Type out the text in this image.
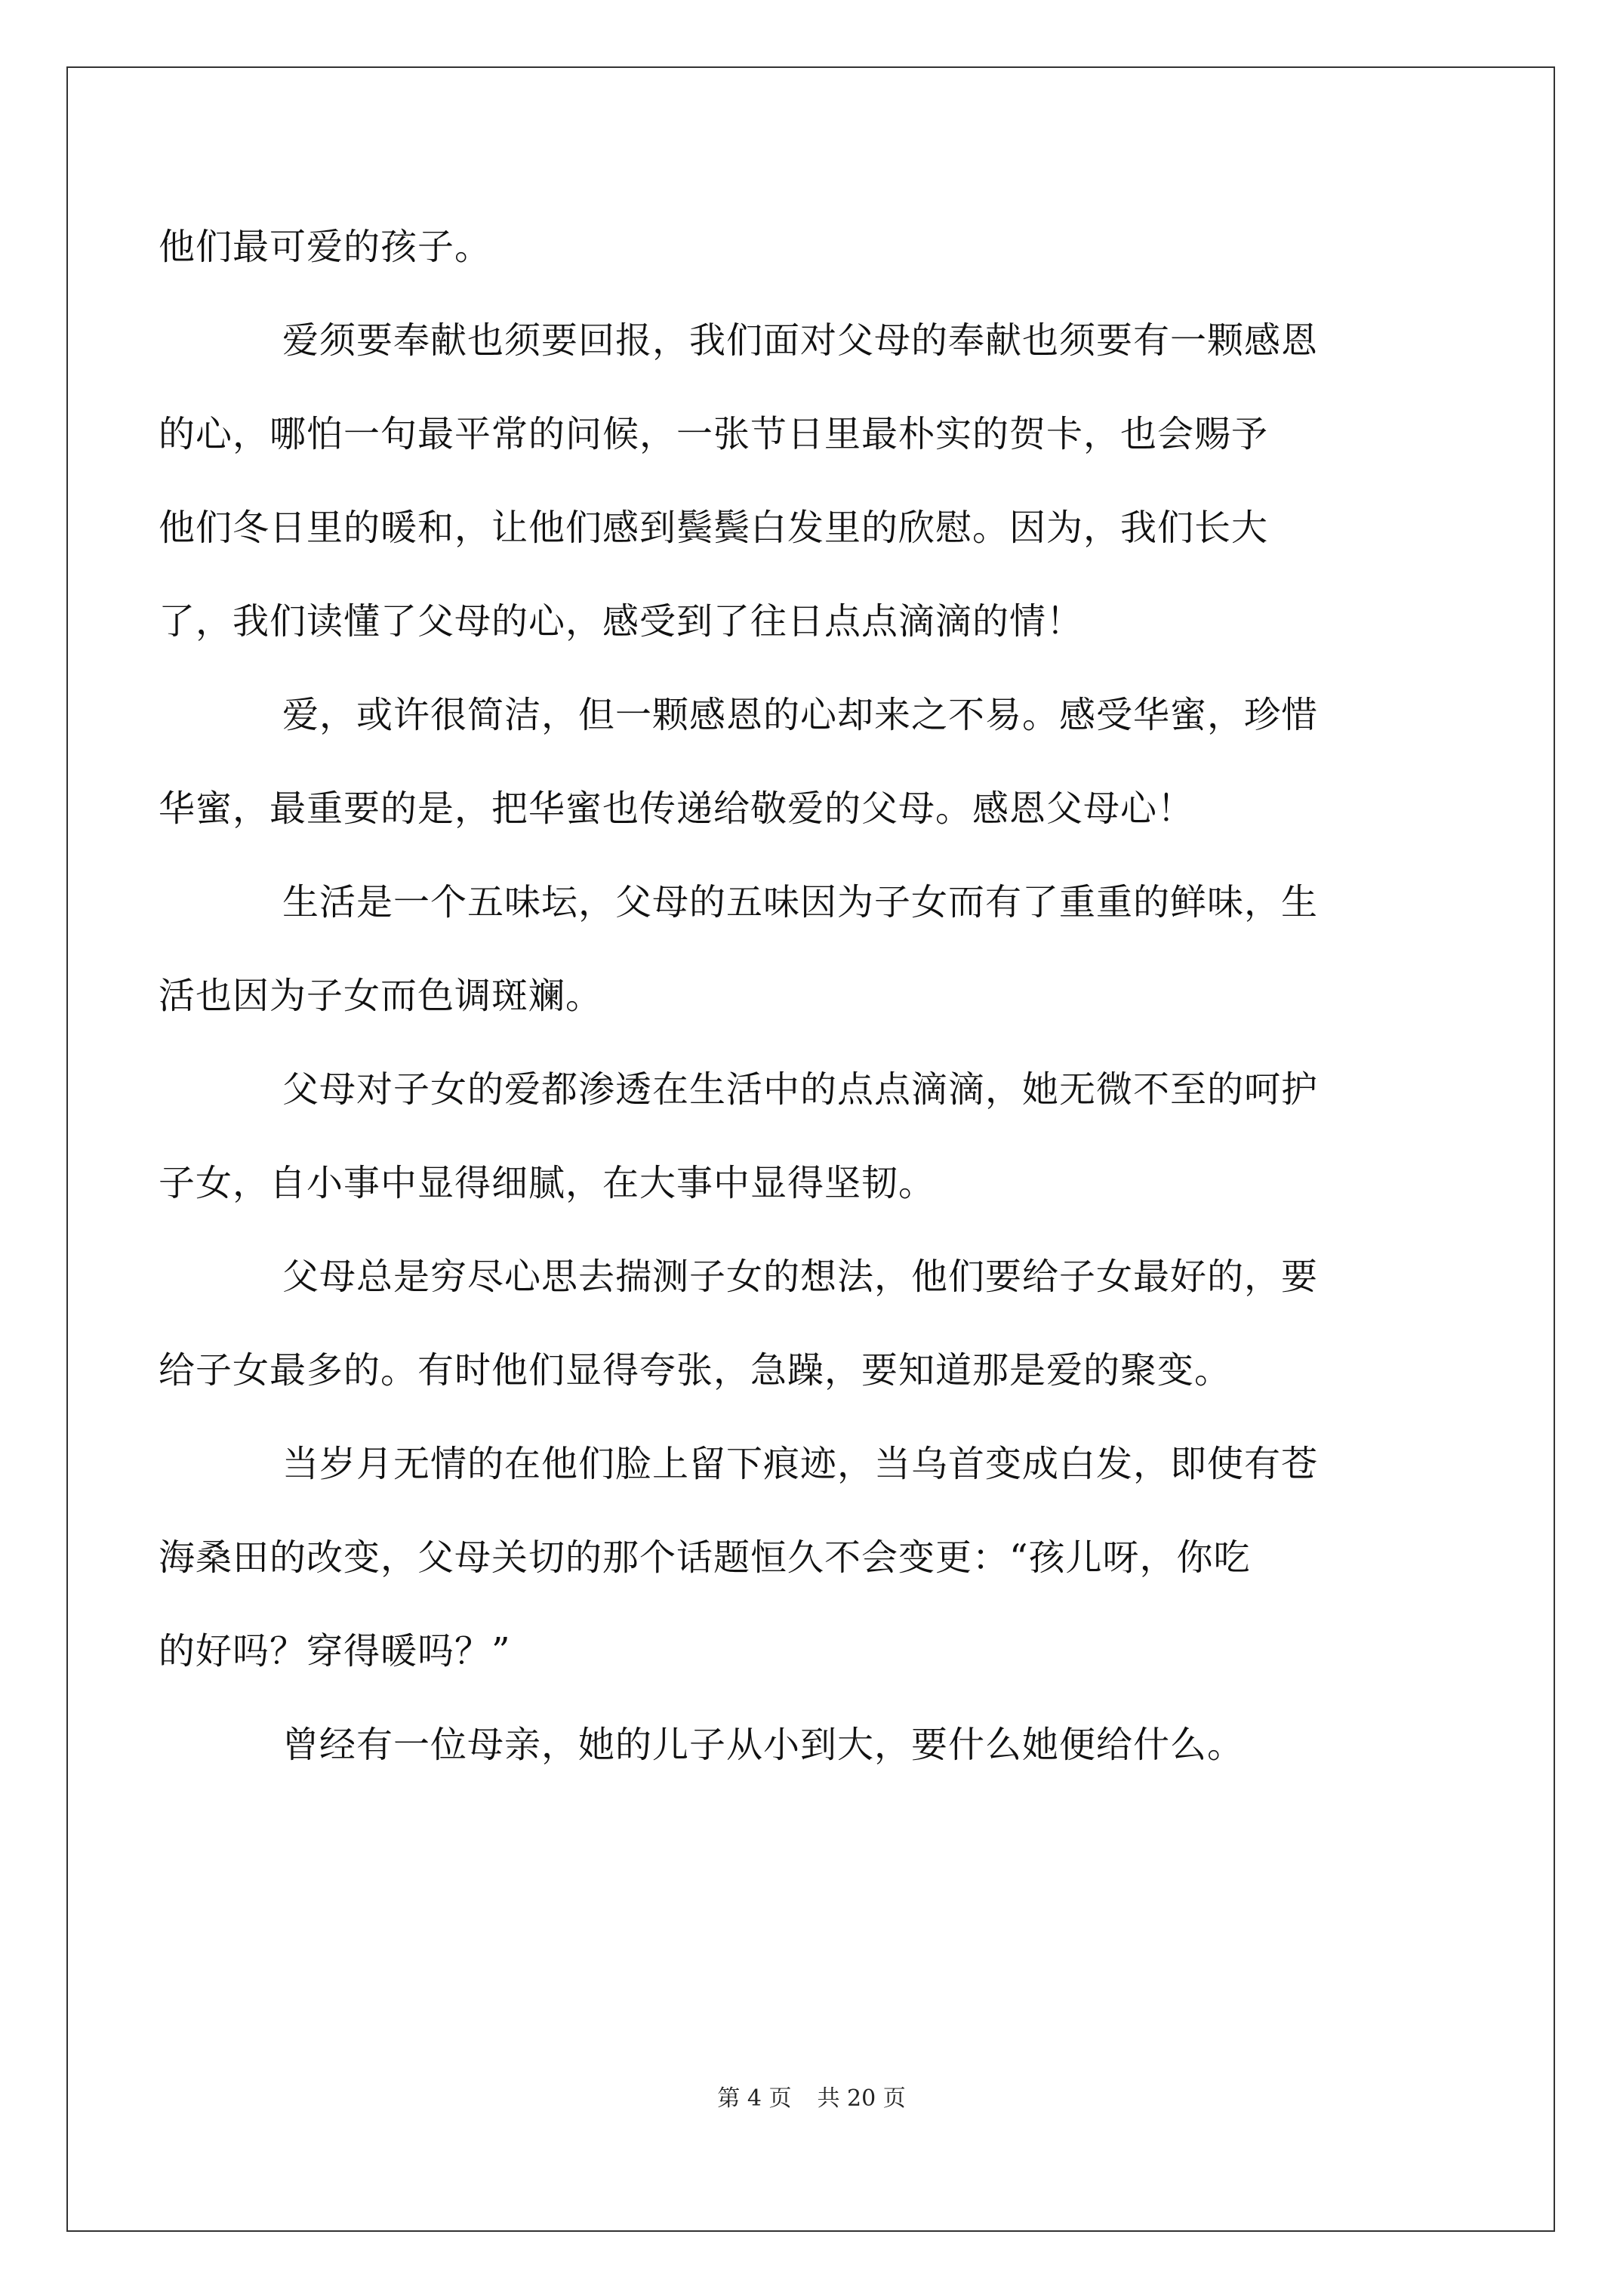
他们最可爱的孩子。
爱须要奉献也须要回报，我们面对父母的奉献也须要有一颗感恩
的心，哪怕一句最平常的问候，一张节日里最朴实的贺卡，也会赐予
他们冬日里的暖和，让他们感到鬓鬓白发里的欣慰。因为，我们长大
了，我们读懂了父母的心，感受到了往日点点滴滴的情！
爱，或许很简洁，但一颗感恩的心却来之不易。感受华蜜，珍惜
华蜜，最重要的是，把华蜜也传递给敬爱的父母。感恩父母心！
生活是一个五味坛，父母的五味因为子女而有了重重的鲜味，生
活也因为子女而色调斑斓。
父母对子女的爱都渗透在生活中的点点滴滴，她无微不至的呵护
子女，自小事中显得细腻，在大事中显得坚韧。
父母总是穷尽心思去揣测子女的想法，他们要给子女最好的，要
给子女最多的。有时他们显得夸张，急躁，要知道那是爱的聚变。
当岁月无情的在他们脸上留下痕迹，当乌首变成白发，即使有苍
海桑田的改变，父母关切的那个话题恒久不会变更：“孩儿呀，你吃
的好吗？穿得暖吗？”
曾经有一位母亲，她的儿子从小到大，要什么她便给什么。
第 4 页 共 20 页
